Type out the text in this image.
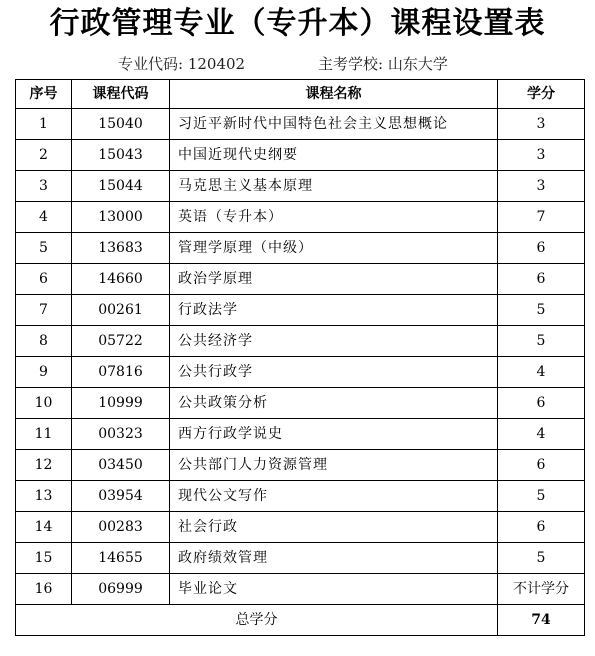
行政管理专业（专升本）课程设置表
专业代码: 120402	主考学校: 山东大学
序号	课程代码	课程名称	学分
1	15040	习近平新时代中国特色社会主义思想概论	3
2	15043	中国近现代史纲要	3
3	15044	马克思主义基本原理	3
4	13000	英语（专升本）	7
5	13683	管理学原理（中级）	6
6	14660	政治学原理	6
7	00261	行政法学	5
8	05722	公共经济学	5
9	07816	公共行政学	4
10	10999	公共政策分析	6
11	00323	西方行政学说史	4
12	03450	公共部门人力资源管理	6
13	03954	现代公文写作	5
14	00283	社会行政	6
15	14655	政府绩效管理	5
16	06999	毕业论文	不计学分
总学分			74
